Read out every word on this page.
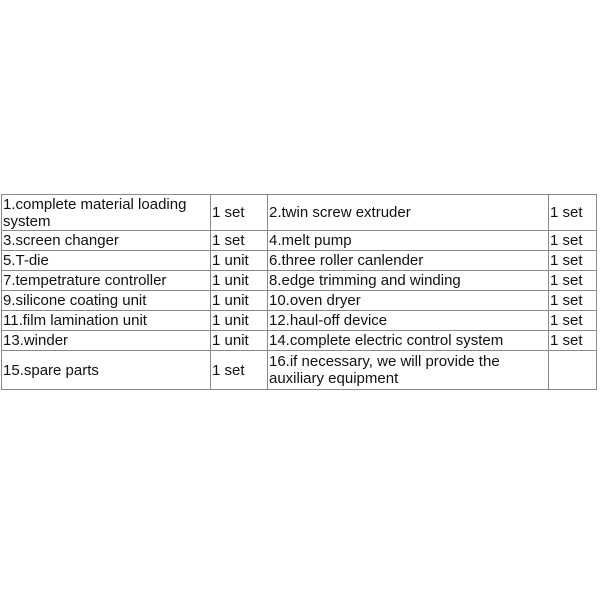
1.complete material loading system	1 set	2.twin screw extruder	1 set
3.screen changer	1 set	4.melt pump	1 set
5.T-die	1 unit	6.three roller canlender	1 set
7.tempetrature controller	1 unit	8.edge trimming and winding	1 set
9.silicone coating unit	1 unit	10.oven dryer	1 set
11.film lamination unit	1 unit	12.haul-off device	1 set
13.winder	1 unit	14.complete electric control system	1 set
15.spare parts	1 set	16.if necessary, we will provide the auxiliary equipment	
